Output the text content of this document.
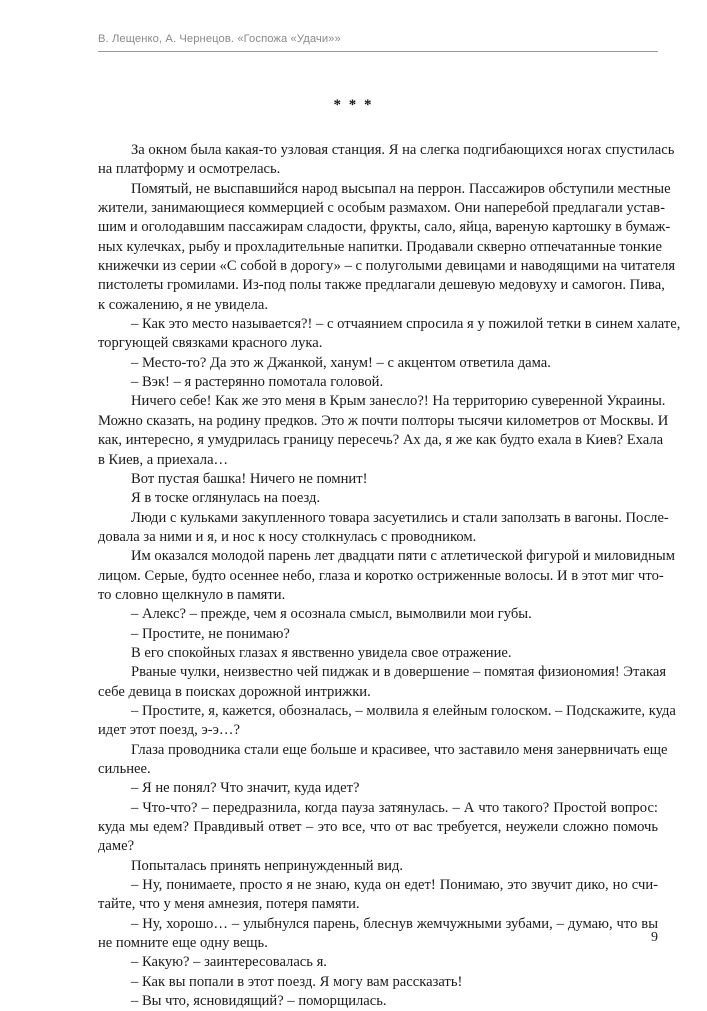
В. Лещенко, А. Чернецов. «Госпожа «Удачи»»
* * *

За окном была какая-то узловая станция. Я на слегка подгибающихся ногах спустилась
на платформу и осмотрелась.

Помятый, не выспавшийся народ высыпал на перрон. Пассажиров обступили местные
жители, занимающиеся коммерцией с особым размахом. Они наперебой предлагали устав-
шим и оголодавшим пассажирам сладости, фрукты, сало, яйца, вареную картошку в бумаж-
ных кулечках, рыбу и прохладительные напитки. Продавали скверно отпечатанные тонкие
книжечки из серии «С собой в дорогу» – с полуголыми девицами и наводящими на читателя
пистолеты громилами. Из-под полы также предлагали дешевую медовуху и самогон. Пива,
к сожалению, я не увидела.

– Как это место называется?! – с отчаянием спросила я у пожилой тетки в синем халате,
торгующей связками красного лука.

– Место-то? Да это ж Джанкой, ханум! – с акцентом ответила дама.

– Вэк! – я растерянно помотала головой.

Ничего себе! Как же это меня в Крым занесло?! На территорию суверенной Украины.
Можно сказать, на родину предков. Это ж почти полторы тысячи километров от Москвы. И
как, интересно, я умудрилась границу пересечь? Ах да, я же как будто ехала в Киев? Ехала
в Киев, а приехала…

Вот пустая башка! Ничего не помнит!

Я в тоске оглянулась на поезд.

Люди с кульками закупленного товара засуетились и стали заползать в вагоны. После-
довала за ними и я, и нос к носу столкнулась с проводником.

Им оказался молодой парень лет двадцати пяти с атлетической фигурой и миловидным
лицом. Серые, будто осеннее небо, глаза и коротко остриженные волосы. И в этот миг что-
то словно щелкнуло в памяти.

– Алекс? – прежде, чем я осознала смысл, вымолвили мои губы.

– Простите, не понимаю?

В его спокойных глазах я явственно увидела свое отражение.

Рваные чулки, неизвестно чей пиджак и в довершение – помятая физиономия! Этакая
себе девица в поисках дорожной интрижки.

– Простите, я, кажется, обозналась, – молвила я елейным голоском. – Подскажите, куда
идет этот поезд, э-э…?

Глаза проводника стали еще больше и красивее, что заставило меня занервничать еще
сильнее.

– Я не понял? Что значит, куда идет?

– Что-что? – передразнила, когда пауза затянулась. – А что такого? Простой вопрос:
куда мы едем? Правдивый ответ – это все, что от вас требуется, неужели сложно помочь
даме?

Попыталась принять непринужденный вид.

– Ну, понимаете, просто я не знаю, куда он едет! Понимаю, это звучит дико, но счи-
тайте, что у меня амнезия, потеря памяти.

– Ну, хорошо… – улыбнулся парень, блеснув жемчужными зубами, – думаю, что вы
не помните еще одну вещь.

– Какую? – заинтересовалась я.

– Как вы попали в этот поезд. Я могу вам рассказать!

– Вы что, ясновидящий? – поморщилась.

9
